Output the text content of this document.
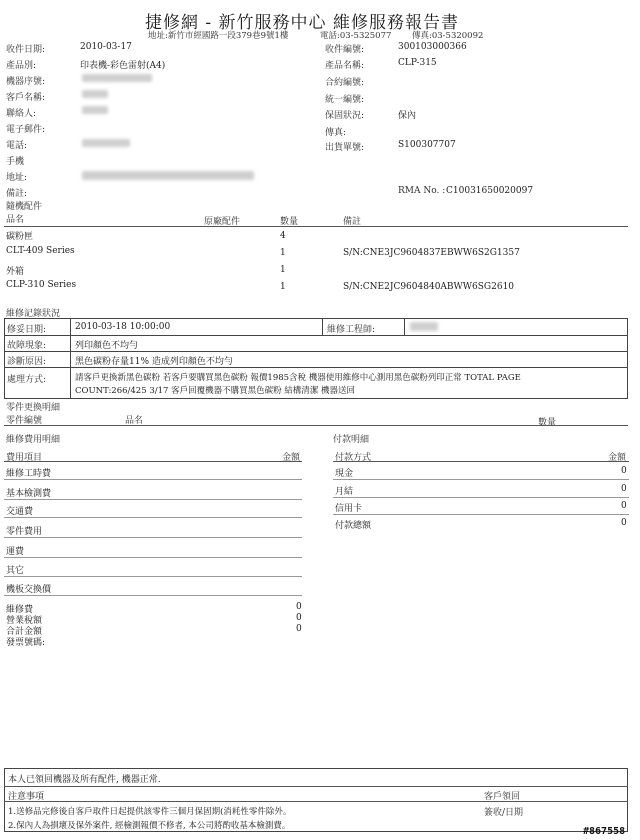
捷修網 - 新竹服務中心 維修服務報告書
地址:新竹市經國路一段379巷9號1樓	電話:03-5325077 傳真:03-5320092
收件日期:	2010-03-17
產品別:	印表機-彩色雷射(A4)
機器序號:
客戶名稱:
聯絡人:
電子郵件:
電話:
手機
地址:
備註:
收件編號:	300103000366
產品名稱:	CLP-315
合約編號:
統一編號:
保固狀況:	保內
傳真:
出貨單號:	S100307707
RMA No. : C10031650020097
隨機配件
品名	原廠配件	數量	備註
碳粉匣	4
CLT-409 Series	1	S/N:CNE3JC9604837EBWW6S2G1357
外箱	1
CLP-310 Series	1	S/N:CNE2JC9604840ABWW6SG2610
維修記錄狀況
修妥日期:	2010-03-18 10:00:00	維修工程師:
故障現象:	列印顏色不均勻
診斷原因:	黑色碳粉存量11% 造成列印顏色不均勻
處理方式:	請客戶更換新黑色碳粉 若客戶要購買黑色碳粉 報價1985含稅 機器使用維修中心測用黑色碳粉列印正常 TOTAL PAGE
COUNT:266/425 3/17 客戶回覆機器不購買黑色碳粉 結構清潔 機器送回
零件更換明細
零件編號	品名	數量
維修費用明細
費用項目	金額
維修工時費
基本檢測費
交通費
零件費用
運費
其它
機板交換價
維修費	0
營業稅額	0
合計金額	0
發票號碼:
付款明細
付款方式	金額
現金	0
月結	0
信用卡	0
付款總額	0
本人已領回機器及所有配件, 機器正常.
注意事項	客戶領回
1.送修品完修後自客戶取件日起提供該零件三個月保固期(消耗性零件除外。	簽收/日期
2.保內人為損壞及保外案件, 經檢測報價不修者, 本公司將酌收基本檢測費。	#867558
